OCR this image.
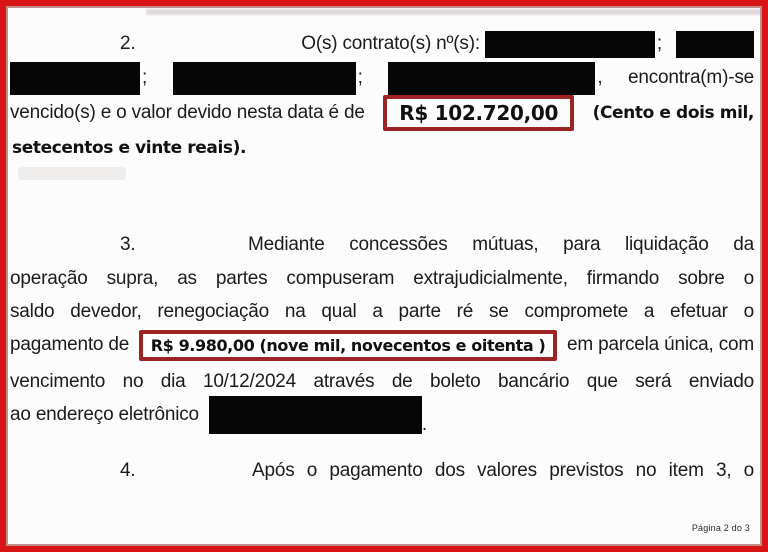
2.	O(s) contrato(s) nº(s):	;
;	;	, encontra(m)-se
vencido(s) e o valor devido nesta data é de R$ 102.720,00 (Cento e dois mil,
setecentos e vinte reais).
3.	Mediante concessões mútuas, para liquidação da
operação supra, as partes compuseram extrajudicialmente, firmando sobre o
saldo devedor, renegociação na qual a parte ré se compromete a efetuar o
pagamento de R$ 9.980,00 (nove mil, novecentos e oitenta ) em parcela única, com
vencimento no dia 10/12/2024 através de boleto bancário que será enviado
ao endereço eletrônico	.
4.	Após o pagamento dos valores previstos no item 3, o
Página 2 do 3
